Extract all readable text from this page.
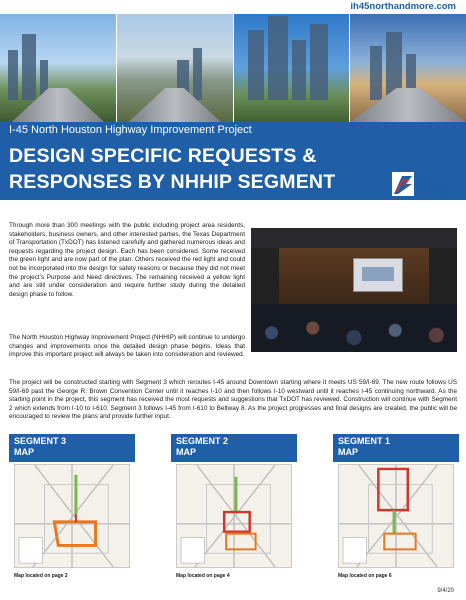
ih45northandmore.com
I-45 North Houston Highway Improvement Project
DESIGN SPECIFIC REQUESTS &
RESPONSES BY NHHIP SEGMENT	Texas
Department
of Transportation
®

Through more than 300 meetings with the public including project area residents, stakeholders, business owners, and other interested parties, the Texas Department of Transportation (TxDOT) has listened carefully and gathered numerous ideas and requests regarding the project design. Each has been considered. Some received the green light and are now part of the plan. Others received the red light and could not be incorporated into the design for safety reasons or because they did not meet the project's Purpose and Need directives. The remaining received a yellow light and are still under consideration and require further study during the detailed design phase to follow.

The North Houston Highway Improvement Project (NHHIP) will continue to undergo changes and improvements once the detailed design phase begins. Ideas that improve this important project will always be taken into consideration and reviewed.

The project will be constructed starting with Segment 3 which reroutes I-45 around Downtown starting where it meets US 59/I-69. The new route follows US 59/I-69 past the George R. Brown Convention Center until it reaches I-10 and then follows I-10 westward until it reaches I-45 continuing northward. As the starting point in the project, this segment has received the most requests and suggestions that TxDOT has reviewed. Construction will continue with Segment 2 which extends from I-10 to I-610. Segment 3 follows I-45 from I-610 to Beltway 8. As the project progresses and final designs are created, the public will be encouraged to review the plans and provide further input.

SEGMENT 3
MAP
Map located on page 2
SEGMENT 2
MAP
Map located on page 4
SEGMENT 1
MAP
Map located on page 6
9/4/20
